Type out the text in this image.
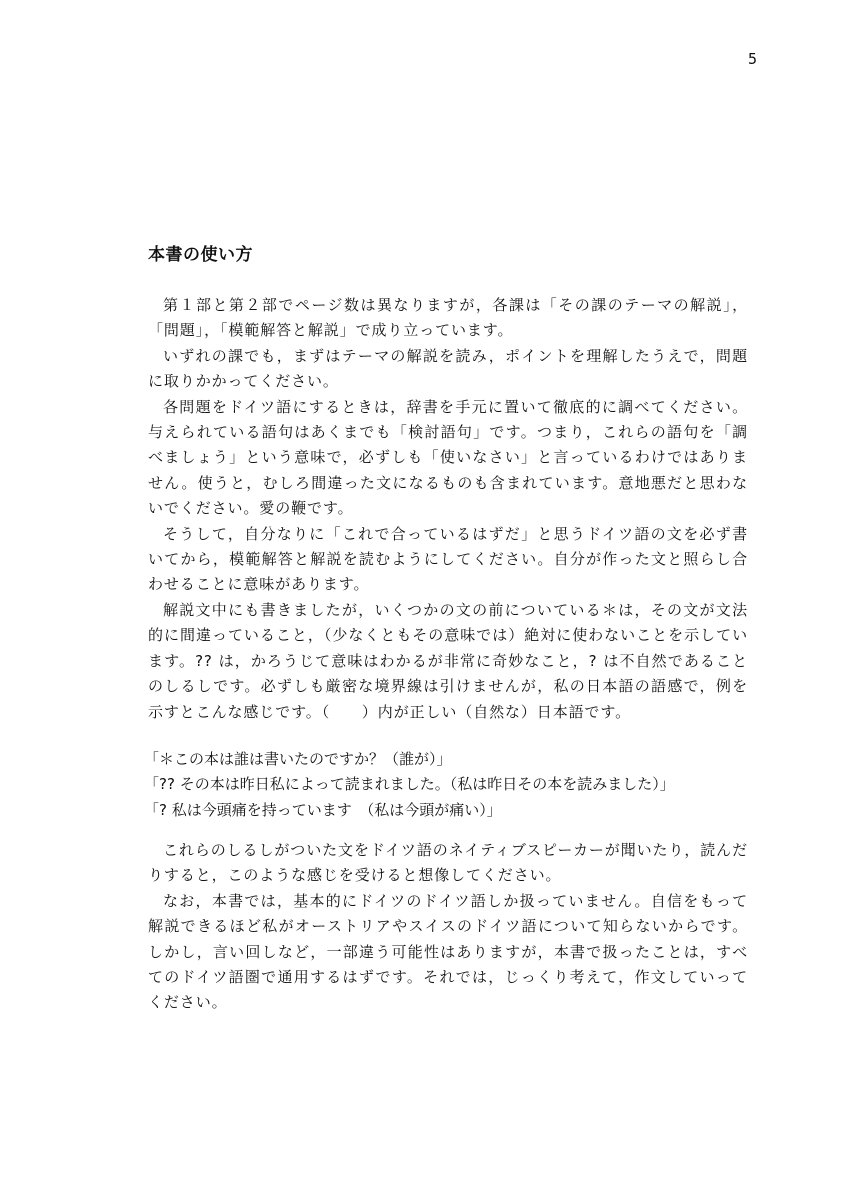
5
本書の使い方

第１部と第２部でページ数は異なりますが，各課は「その課のテーマの解説」，「問題」，「模範解答と解説」で成り立っています。

いずれの課でも，まずはテーマの解説を読み，ポイントを理解したうえで，問題に取りかかってください。

各問題をドイツ語にするときは，辞書を手元に置いて徹底的に調べてください。与えられている語句はあくまでも「検討語句」です。つまり，これらの語句を「調べましょう」という意味で，必ずしも「使いなさい」と言っているわけではありません。使うと，むしろ間違った文になるものも含まれています。意地悪だと思わないでください。愛の鞭です。

そうして，自分なりに「これで合っているはずだ」と思うドイツ語の文を必ず書いてから，模範解答と解説を読むようにしてください。自分が作った文と照らし合わせることに意味があります。

解説文中にも書きましたが，いくつかの文の前についている＊は，その文が文法的に間違っていること，（少なくともその意味では）絶対に使わないことを示しています。?? は，かろうじて意味はわかるが非常に奇妙なこと，? は不自然であることのしるしです。必ずしも厳密な境界線は引けませんが，私の日本語の語感で，例を示すとこんな感じです。（　　）内が正しい（自然な）日本語です。

「＊この本は誰は書いたのですか？（誰が）」
「?? その本は昨日私によって読まれました。（私は昨日その本を読みました）」
「? 私は今頭痛を持っています　（私は今頭が痛い）」

これらのしるしがついた文をドイツ語のネイティブスピーカーが聞いたり，読んだりすると，このような感じを受けると想像してください。

なお，本書では，基本的にドイツのドイツ語しか扱っていません。自信をもって解説できるほど私がオーストリアやスイスのドイツ語について知らないからです。しかし，言い回しなど，一部違う可能性はありますが，本書で扱ったことは，すべてのドイツ語圏で通用するはずです。それでは，じっくり考えて，作文していってください。
